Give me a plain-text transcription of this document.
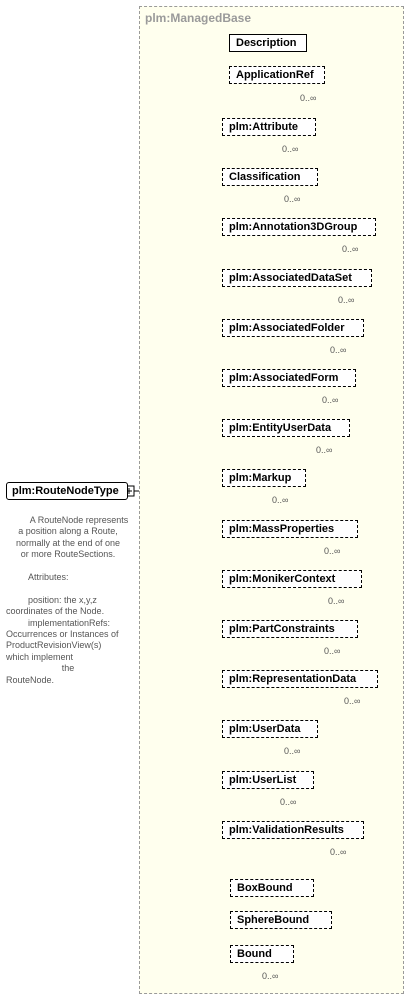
plm:ManagedBase
plm:RouteNodeType

A RouteNode represents

a position along a Route,

normally at the end of one

or more RouteSections.

Attributes:

position: the x,y,z

coordinates of the Node.

implementationRefs:

Occurrences or Instances of

ProductRevisionView(s)

which implement

the

RouteNode.

Description
ApplicationRef
0..∞
plm:Attribute
0..∞
Classification
0..∞
plm:Annotation3DGroup
0..∞
plm:AssociatedDataSet
0..∞
plm:AssociatedFolder
0..∞
plm:AssociatedForm
0..∞
plm:EntityUserData
0..∞
plm:Markup
0..∞
plm:MassProperties
0..∞
plm:MonikerContext
0..∞
plm:PartConstraints
0..∞
plm:RepresentationData
0..∞
plm:UserData
0..∞
plm:UserList
0..∞
plm:ValidationResults
0..∞
BoxBound
SphereBound
Bound
0..∞
